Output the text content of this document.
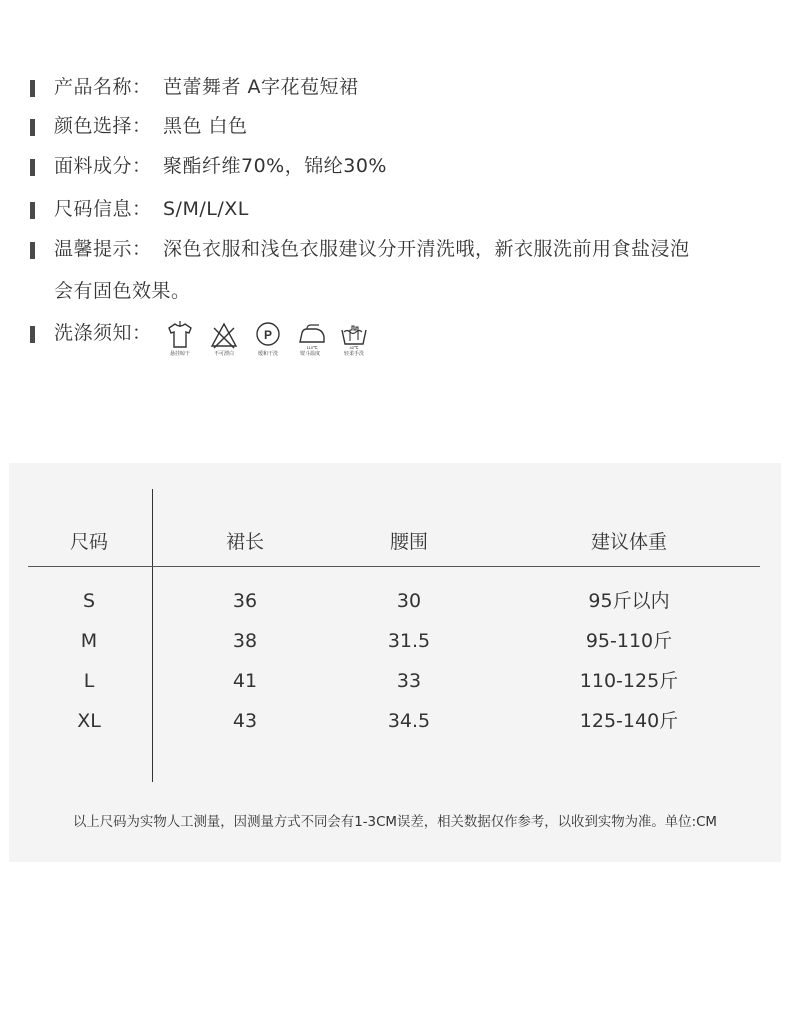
产品名称： 芭蕾舞者 A字花苞短裙
颜色选择： 黑色 白色
面料成分： 聚酯纤维70%，锦纶30%
尺码信息： S/M/L/XL
温馨提示： 深色衣服和浅色衣服建议分开清洗哦，新衣服洗前用食盐浸泡
会有固色效果。
洗涤须知：
悬挂晾干	不可漂白
P
缓和干洗
110℃
熨斗温度
40℃
轻柔手洗
尺码	裙长	腰围	建议体重
S	36	30	95斤以内
M	38	31.5	95-110斤
L	41	33	110-125斤
XL	43	34.5	125-140斤
以上尺码为实物人工测量，因测量方式不同会有1-3CM误差，相关数据仅作参考，以收到实物为准。单位:CM
